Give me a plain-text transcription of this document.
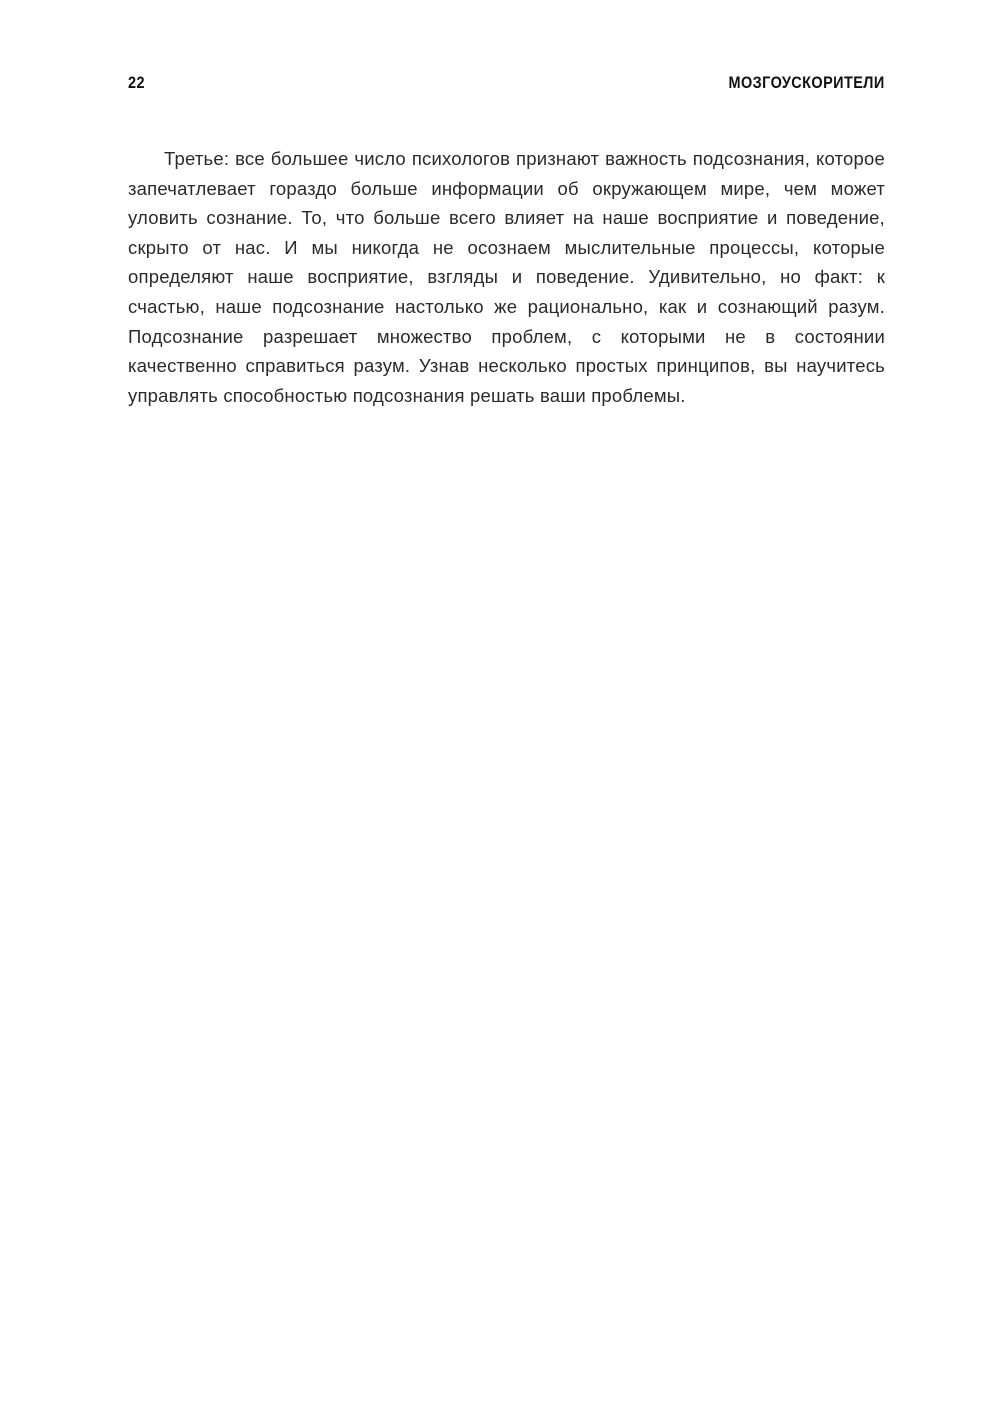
22	МОЗГОУСКОРИТЕЛИ

Третье: все большее число психологов признают важность подсознания, которое запечатлевает гораздо больше информации об окружающем мире, чем может уловить сознание. То, что больше всего влияет на наше восприятие и поведение, скрыто от нас. И мы никогда не осознаем мыслительные процессы, которые определяют наше восприятие, взгляды и поведение. Удивительно, но факт: к счастью, наше подсознание настолько же рационально, как и сознающий разум. Подсознание разрешает множество проблем, с которыми не в состоянии качественно справиться разум. Узнав несколько простых принципов, вы научитесь управлять способностью подсознания решать ваши проблемы.
